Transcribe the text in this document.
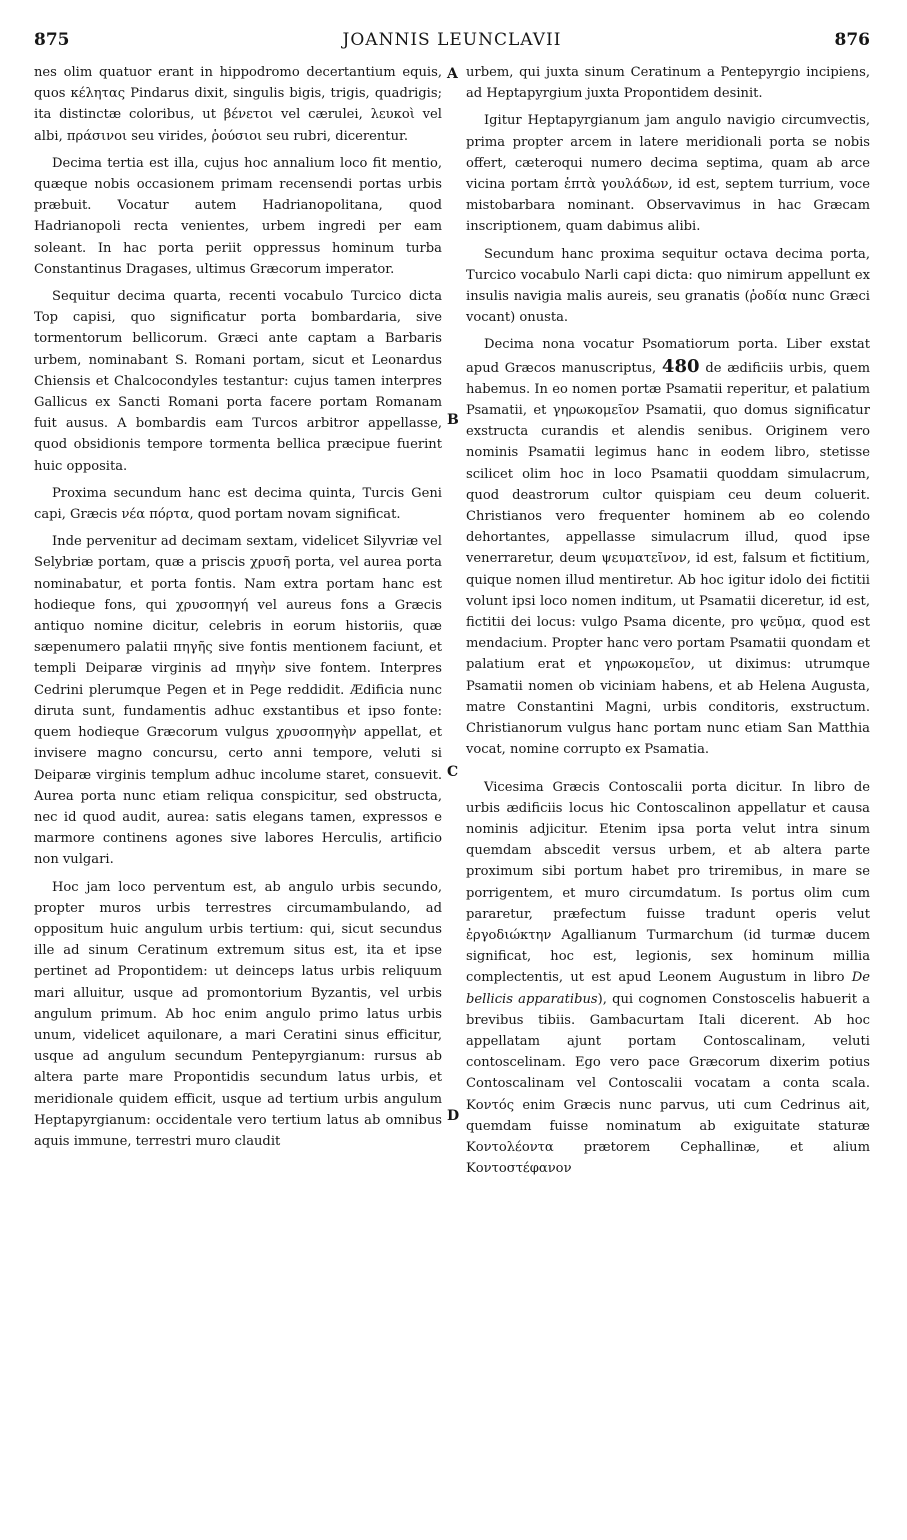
875	JOANNIS LEUNCLAVII	876
A
B
C
D

nes olim quatuor erant in hippodromo decertantium equis, quos κέλητας Pindarus dixit, singulis bigis, trigis, quadrigis; ita distinctæ coloribus, ut βένετοι vel cærulei, λευκοὶ vel albi, πράσινοι seu virides, ῥούσιοι seu rubri, dicerentur.

Decima tertia est illa, cujus hoc annalium loco fit mentio, quæque nobis occasionem primam recensendi portas urbis præbuit. Vocatur autem Hadrianopolitana, quod Hadrianopoli recta venientes, urbem ingredi per eam soleant. In hac porta periit oppressus hominum turba Constantinus Dragases, ultimus Græcorum imperator.

Sequitur decima quarta, recenti vocabulo Turcico dicta Top capisi, quo significatur porta bombardaria, sive tormentorum bellicorum. Græci ante captam a Barbaris urbem, nominabant S. Romani portam, sicut et Leonardus Chiensis et Chalcocondyles testantur: cujus tamen interpres Gallicus ex Sancti Romani porta facere portam Romanam fuit ausus. A bombardis eam Turcos arbitror appellasse, quod obsidionis tempore tormenta bellica præcipue fuerint huic opposita.

Proxima secundum hanc est decima quinta, Turcis Geni capi, Græcis νέα πόρτα, quod portam novam significat.

Inde pervenitur ad decimam sextam, videlicet Silyvriæ vel Selybriæ portam, quæ a priscis χρυσῆ porta, vel aurea porta nominabatur, et porta fontis. Nam extra portam hanc est hodieque fons, qui χρυσοπηγή vel aureus fons a Græcis antiquo nomine dicitur, celebris in eorum historiis, quæ sæpenumero palatii πηγῆς sive fontis mentionem faciunt, et templi Deiparæ virginis ad πηγὴν sive fontem. Interpres Cedrini plerumque Pegen et in Pege reddidit. Ædificia nunc diruta sunt, fundamentis adhuc exstantibus et ipso fonte: quem hodieque Græcorum vulgus χρυσοπηγὴν appellat, et invisere magno concursu, certo anni tempore, veluti si Deiparæ virginis templum adhuc incolume staret, consuevit. Aurea porta nunc etiam reliqua conspicitur, sed obstructa, nec id quod audit, aurea: satis elegans tamen, expressos e marmore continens agones sive labores Herculis, artificio non vulgari.

Hoc jam loco perventum est, ab angulo urbis secundo, propter muros urbis terrestres circumambulando, ad oppositum huic angulum urbis tertium: qui, sicut secundus ille ad sinum Ceratinum extremum situs est, ita et ipse pertinet ad Propontidem: ut deinceps latus urbis reliquum mari alluitur, usque ad promontorium Byzantis, vel urbis angulum primum. Ab hoc enim angulo primo latus urbis unum, videlicet aquilonare, a mari Ceratini sinus efficitur, usque ad angulum secundum Pentepyrgianum: rursus ab altera parte mare Propontidis secundum latus urbis, et meridionale quidem efficit, usque ad tertium urbis angulum Heptapyrgianum: occidentale vero tertium latus ab omnibus aquis immune, terrestri muro claudit

urbem, qui juxta sinum Ceratinum a Pentepyrgio incipiens, ad Heptapyrgium juxta Propontidem desinit.

Igitur Heptapyrgianum jam angulo navigio circumvectis, prima propter arcem in latere meridionali porta se nobis offert, cæteroqui numero decima septima, quam ab arce vicina portam ἑπτὰ γουλάδων, id est, septem turrium, voce mistobarbara nominant. Observavimus in hac Græcam inscriptionem, quam dabimus alibi.

Secundum hanc proxima sequitur octava decima porta, Turcico vocabulo Narli capi dicta: quo nimirum appellunt ex insulis navigia malis aureis, seu granatis (ῥοδία nunc Græci vocant) onusta.

Decima nona vocatur Psomatiorum porta. Liber exstat apud Græcos manuscriptus, 480 de ædificiis urbis, quem habemus. In eo nomen portæ Psamatii reperitur, et palatium Psamatii, et γηρωκομεῖον Psamatii, quo domus significatur exstructa curandis et alendis senibus. Originem vero nominis Psamatii legimus hanc in eodem libro, stetisse scilicet olim hoc in loco Psamatii quoddam simulacrum, quod deastrorum cultor quispiam ceu deum coluerit. Christianos vero frequenter hominem ab eo colendo dehortantes, appellasse simulacrum illud, quod ipse venerraretur, deum ψευματεῖνον, id est, falsum et fictitium, quique nomen illud mentiretur. Ab hoc igitur idolo dei fictitii volunt ipsi loco nomen inditum, ut Psamatii diceretur, id est, fictitii dei locus: vulgo Psama dicente, pro ψεῦμα, quod est mendacium. Propter hanc vero portam Psamatii quondam et palatium erat et γηρωκομεῖον, ut diximus: utrumque Psamatii nomen ob viciniam habens, et ab Helena Augusta, matre Constantini Magni, urbis conditoris, exstructum. Christianorum vulgus hanc portam nunc etiam San Matthia vocat, nomine corrupto ex Psamatia.

Vicesima Græcis Contoscalii porta dicitur. In libro de urbis ædificiis locus hic Contoscalinon appellatur et causa nominis adjicitur. Etenim ipsa porta velut intra sinum quemdam abscedit versus urbem, et ab altera parte proximum sibi portum habet pro triremibus, in mare se porrigentem, et muro circumdatum. Is portus olim cum pararetur, præfectum fuisse tradunt operis velut ἐργοδιώκτην Agallianum Turmarchum (id turmæ ducem significat, hoc est, legionis, sex hominum millia complectentis, ut est apud Leonem Augustum in libro De bellicis apparatibus), qui cognomen Constoscelis habuerit a brevibus tibiis. Gambacurtam Itali dicerent. Ab hoc appellatam ajunt portam Contoscalinam, veluti contoscelinam. Ego vero pace Græcorum dixerim potius Contoscalinam vel Contoscalii vocatam a conta scala. Κοντός enim Græcis nunc parvus, uti cum Cedrinus ait, quemdam fuisse nominatum ab exiguitate staturæ Κοντολέοντα prætorem Cephallinæ, et alium Κοντοστέφανον
